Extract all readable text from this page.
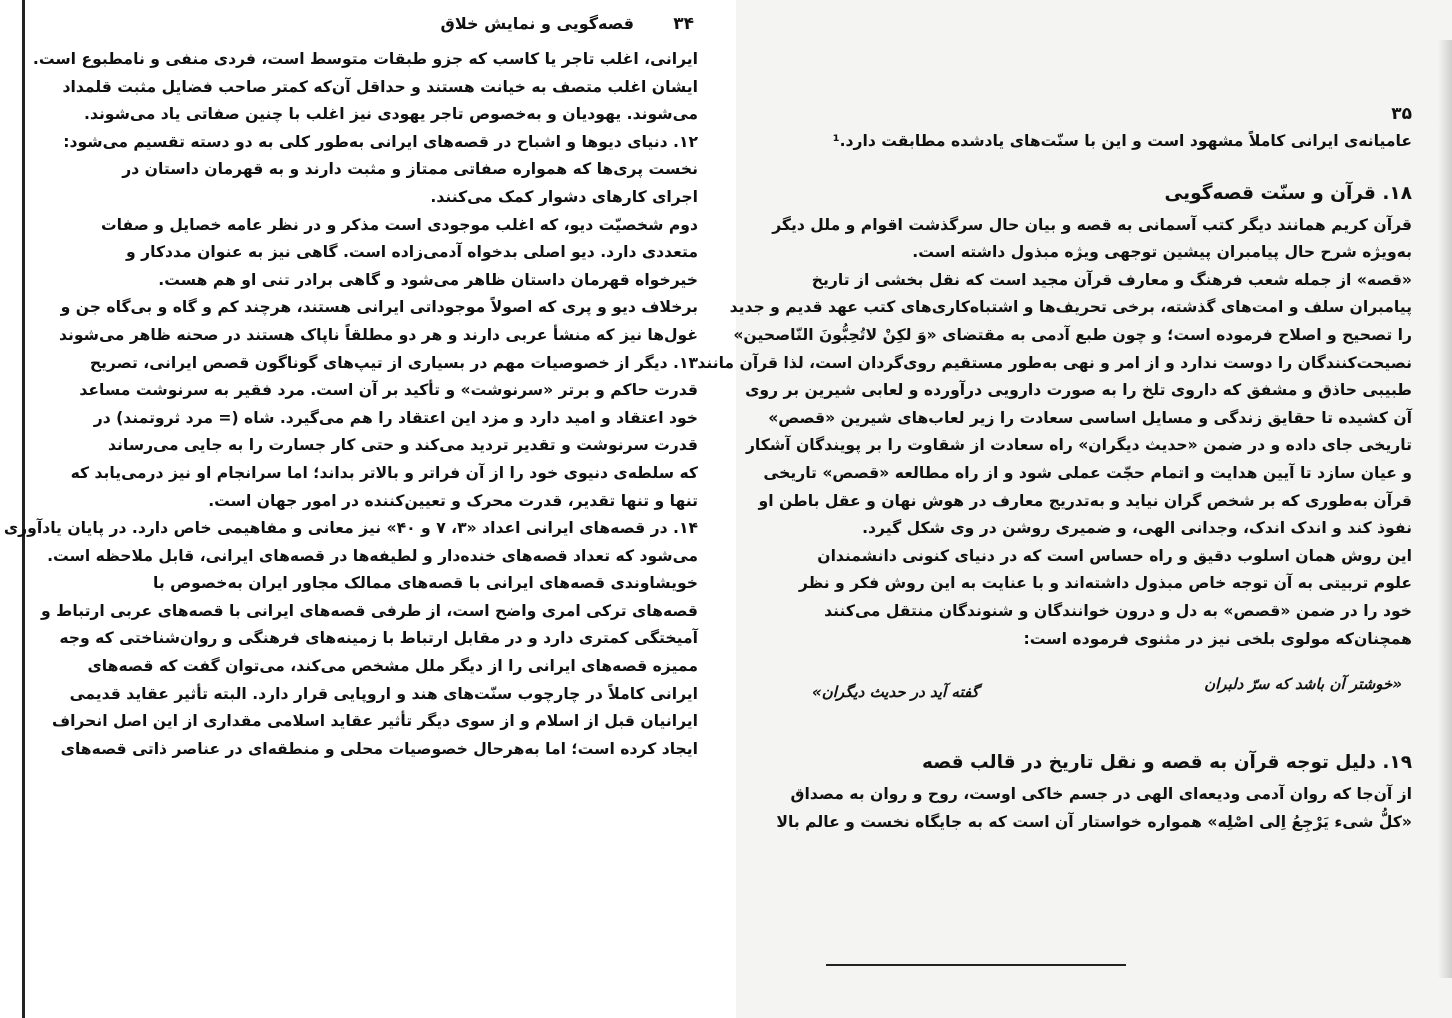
۳۴
قصه‌گویی و نمایش خلاق
ایرانی، اغلب تاجر یا کاسب که جزو طبقات متوسط است، فردی منفی و نامطبوع است.
ایشان اغلب متصف به خیانت هستند و حداقل آن‌که کمتر صاحب فضایل مثبت قلمداد
می‌شوند. یهودیان و به‌خصوص تاجر یهودی نیز اغلب با چنین صفاتی یاد می‌شوند.
۱۲. دنیای دیوها و اشباح در قصه‌های ایرانی به‌طور کلی به دو دسته تقسیم می‌شود:
نخست پری‌ها که همواره صفاتی ممتاز و مثبت دارند و به قهرمان داستان در
اجرای کارهای دشوار کمک می‌کنند.
دوم شخصیّت دیو، که اغلب موجودی است مذکر و در نظر عامه خصایل و صفات
متعددی دارد. دیو اصلی بدخواه آدمی‌زاده است. گاهی نیز به عنوان مددکار و
خیرخواه قهرمان داستان ظاهر می‌شود و گاهی برادر تنی او هم هست.
برخلاف دیو و پری که اصولاً موجوداتی ایرانی هستند، هرچند کم و گاه و بی‌گاه جن و
غول‌ها نیز که منشأ عربی دارند و هر دو مطلقاً ناپاک هستند در صحنه ظاهر می‌شوند
۱۳. دیگر از خصوصیات مهم در بسیاری از تیپ‌های گوناگون قصص ایرانی، تصریح
قدرت حاکم و برتر «سرنوشت» و تأکید بر آن است. مرد فقیر به سرنوشت مساعد
خود اعتقاد و امید دارد و مزد این اعتقاد را هم می‌گیرد. شاه (= مرد ثروتمند) در
قدرت سرنوشت و تقدیر تردید می‌کند و حتی کار جسارت را به جایی می‌رساند
که سلطه‌ی دنیوی خود را از آن فراتر و بالاتر بداند؛ اما سرانجام او نیز درمی‌یابد که
تنها و تنها تقدیر، قدرت محرک و تعیین‌کننده در امور جهان است.
۱۴. در قصه‌های ایرانی اعداد «۳، ۷ و ۴۰» نیز معانی و مفاهیمی خاص دارد. در پایان یادآوری
می‌شود که تعداد قصه‌های خنده‌دار و لطیفه‌ها در قصه‌های ایرانی، قابل ملاحظه است.
خویشاوندی قصه‌های ایرانی با قصه‌های ممالک مجاور ایران به‌خصوص با
قصه‌های ترکی امری واضح است، از طرفی قصه‌های ایرانی با قصه‌های عربی ارتباط و
آمیختگی کمتری دارد و در مقابل ارتباط با زمینه‌های فرهنگی و روان‌شناختی که وجه
ممیزه قصه‌های ایرانی را از دیگر ملل مشخص می‌کند، می‌توان گفت که قصه‌های
ایرانی کاملاً در چارچوب سنّت‌های هند و اروپایی قرار دارد. البته تأثیر عقاید قدیمی
ایرانیان قبل از اسلام و از سوی دیگر تأثیر عقاید اسلامی مقداری از این اصل انحراف
ایجاد کرده است؛ اما به‌هرحال خصوصیات محلی و منطقه‌ای در عناصر ذاتی قصه‌های
۳۵
عامیانه‌ی ایرانی کاملاً مشهود است و این با سنّت‌های یادشده مطابقت دارد.¹
۱۸. قرآن و سنّت قصه‌گویی
قرآن کریم همانند دیگر کتب آسمانی به قصه و بیان حال سرگذشت اقوام و ملل دیگر
به‌ویژه شرح حال پیامبران پیشین توجهی ویژه مبذول داشته است.
«قصه» از جمله شعب فرهنگ و معارف قرآن مجید است که نقل بخشی از تاریخ
پیامبران سلف و امت‌های گذشته، برخی تحریف‌ها و اشتباه‌کاری‌های کتب عهد قدیم و جدید
را تصحیح و اصلاح فرموده است؛ و چون طبع آدمی به مقتضای «وَ لکِنْ لاتُحِبُّونَ النّاصحین»
نصیحت‌کنندگان را دوست ندارد و از امر و نهی به‌طور مستقیم روی‌گردان است، لذا قرآن مانند
طبیبی حاذق و مشفق که داروی تلخ را به صورت دارویی درآورده و لعابی شیرین بر روی
آن کشیده تا حقایق زندگی و مسایل اساسی سعادت را زیر لعاب‌های شیرین «قصص»
تاریخی جای داده و در ضمن «حدیث دیگران» راه سعادت از شقاوت را بر پویندگان آشکار
و عیان سازد تا آیین هدایت و اتمام حجّت عملی شود و از راه مطالعه «قصص» تاریخی
قرآن به‌طوری که بر شخص گران نیاید و به‌تدریج معارف در هوش نهان و عقل باطن او
نفوذ کند و اندک اندک، وجدانی الهی، و ضمیری روشن در وی شکل گیرد.
این روش همان اسلوب دقیق و راه حساس است که در دنیای کنونی دانشمندان
علوم تربیتی به آن توجه خاص مبذول داشته‌اند و با عنایت به این روش فکر و نظر
خود را در ضمن «قصص» به دل و درون خوانندگان و شنوندگان منتقل می‌کنند
همچنان‌که مولوی بلخی نیز در مثنوی فرموده است:
«خوشتر آن باشد که سرّ دلبران
گفته آید در حدیث دیگران»
۱۹. دلیل توجه قرآن به قصه و نقل تاریخ در قالب قصه
از آن‌جا که روان آدمی ودیعه‌ای الهی در جسم خاکی اوست، روح و روان به مصداق
«کلُّ شیء یَرْجِعُ اِلی اصْلِه» همواره خواستار آن است که به جایگاه نخست و عالم بالا
